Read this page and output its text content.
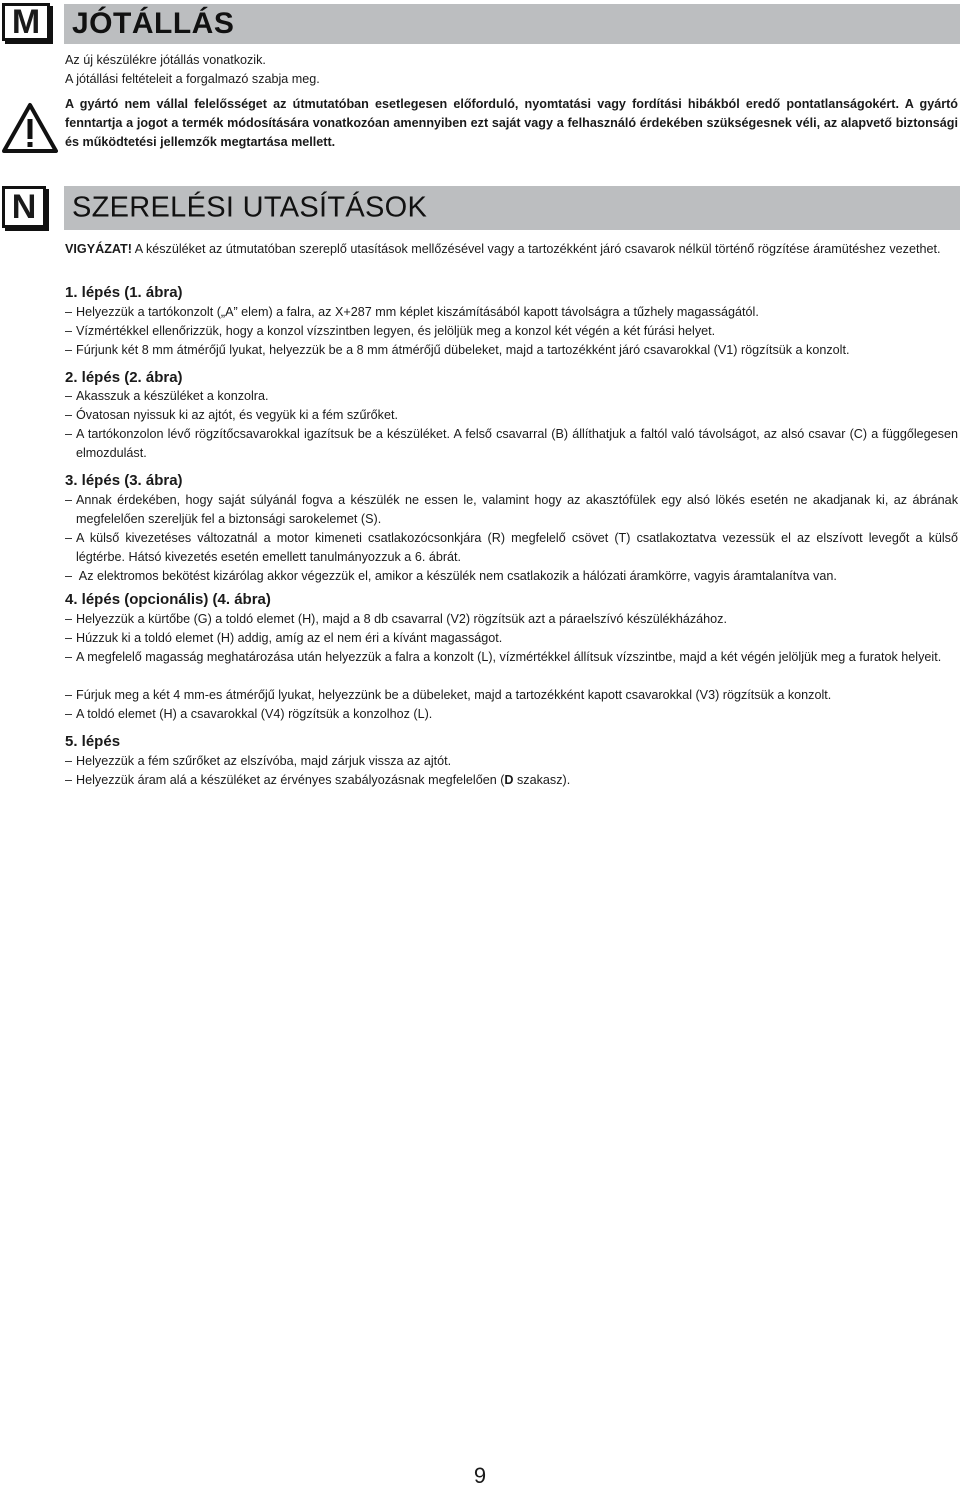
M JÓTÁLLÁS

Az új készülékre jótállás vonatkozik.

A jótállási feltételeit a forgalmazó szabja meg.

A gyártó nem vállal felelősséget az útmutatóban esetlegesen előforduló, nyomtatási vagy fordítási hibákból eredő pontatlanságokért. A gyártó fenntartja a jogot a termék módosítására vonatkozóan amennyiben ezt saját vagy a felhasználó érdekében szükségesnek véli, az alapvető biztonsági és működtetési jellemzők megtartása mellett.

N SZERELÉSI UTASÍTÁSOK

VIGYÁZAT! A készüléket az útmutatóban szereplő utasítások mellőzésével vagy a tartozékként járó csavarok nélkül történő rögzítése áramütéshez vezethet.

1. lépés (1. ábra)

– Helyezzük a tartókonzolt („A” elem) a falra, az X+287 mm képlet kiszámításából kapott távolságra a tűzhely magasságától.

– Vízmértékkel ellenőrizzük, hogy a konzol vízszintben legyen, és jelöljük meg a konzol két végén a két fúrási helyet.

– Fúrjunk két 8 mm átmérőjű lyukat, helyezzük be a 8 mm átmérőjű dübeleket, majd a tartozékként járó csavarokkal (V1) rögzítsük a konzolt.

2. lépés (2. ábra)

– Akasszuk a készüléket a konzolra.

– Óvatosan nyissuk ki az ajtót, és vegyük ki a fém szűrőket.

– A tartókonzolon lévő rögzítőcsavarokkal igazítsuk be a készüléket. A felső csavarral (B) állíthatjuk a faltól való távolságot, az alsó csavar (C) a függőlegesen elmozdulást.

3. lépés (3. ábra)

– Annak érdekében, hogy saját súlyánál fogva a készülék ne essen le, valamint hogy az akasztófülek egy alsó lökés esetén ne akadjanak ki, az ábrának megfelelően szereljük fel a biztonsági sarokelemet (S).

– A külső kivezetéses változatnál a motor kimeneti csatlakozócsonkjára (R) megfelelő csövet (T) csatlakoztatva vezessük el az elszívott levegőt a külső légtérbe. Hátsó kivezetés esetén emellett tanulmányozzuk a 6. ábrát.

– Az elektromos bekötést kizárólag akkor végezzük el, amikor a készülék nem csatlakozik a hálózati áramkörre, vagyis áramtalanítva van.

4. lépés (opcionális) (4. ábra)

– Helyezzük a kürtőbe (G) a toldó elemet (H), majd a 8 db csavarral (V2) rögzítsük azt a páraelszívó készülékházához.

– Húzzuk ki a toldó elemet (H) addig, amíg az el nem éri a kívánt magasságot.

– A megfelelő magasság meghatározása után helyezzük a falra a konzolt (L), vízmértékkel állítsuk vízszintbe, majd a két végén jelöljük meg a furatok helyeit.

– Fúrjuk meg a két 4 mm-es átmérőjű lyukat, helyezzünk be a dübeleket, majd a tartozékként kapott csavarokkal (V3) rögzítsük a konzolt.

– A toldó elemet (H) a csavarokkal (V4) rögzítsük a konzolhoz (L).

5. lépés

– Helyezzük a fém szűrőket az elszívóba, majd zárjuk vissza az ajtót.

– Helyezzük áram alá a készüléket az érvényes szabályozásnak megfelelően (D szakasz).

9
